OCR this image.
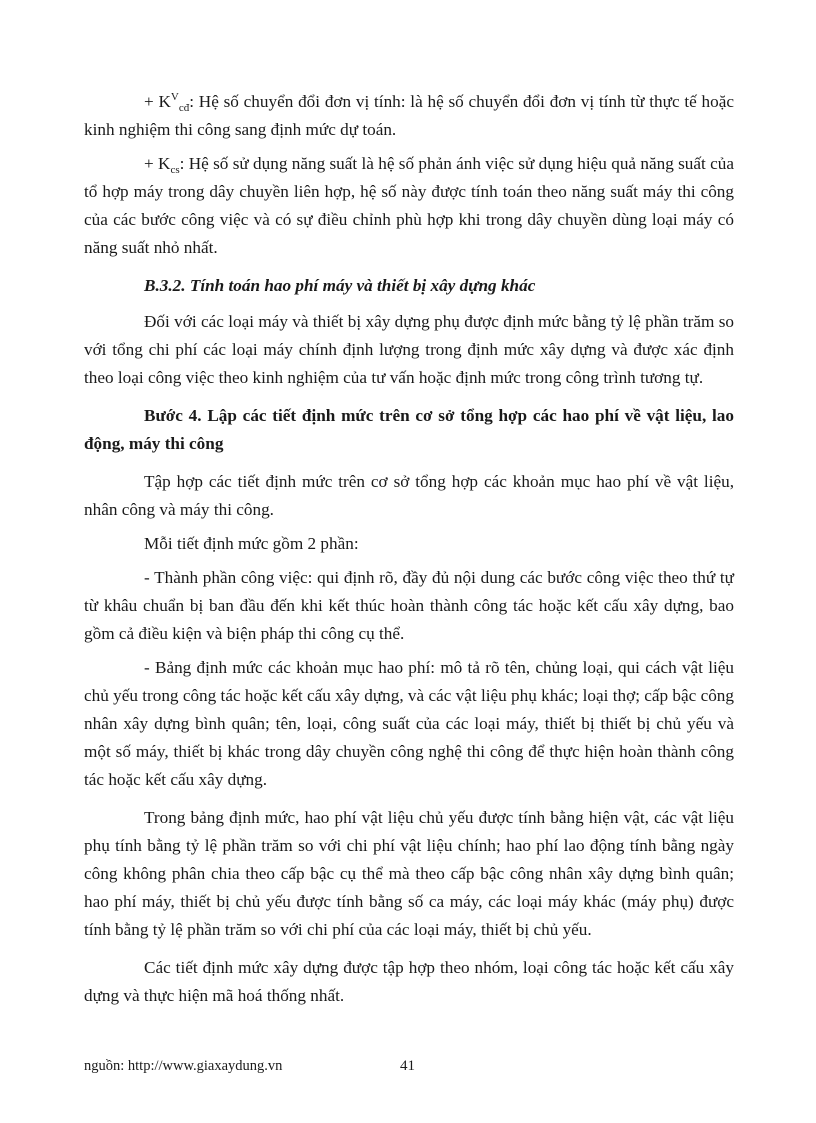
+ $K^V_{cđ}$: Hệ số chuyển đổi đơn vị tính: là hệ số chuyển đổi đơn vị tính từ thực tế hoặc kinh nghiệm thi công sang định mức dự toán.

+ $K_{cs}$: Hệ số sử dụng năng suất là hệ số phản ánh việc sử dụng hiệu quả năng suất của tổ hợp máy trong dây chuyền liên hợp, hệ số này được tính toán theo năng suất máy thi công của các bước công việc và có sự điều chỉnh phù hợp khi trong dây chuyền dùng loại máy có năng suất nhỏ nhất.

B.3.2. Tính toán hao phí máy và thiết bị xây dựng khác

Đối với các loại máy và thiết bị xây dựng phụ được định mức bằng tỷ lệ phần trăm so với tổng chi phí các loại máy chính định lượng trong định mức xây dựng và được xác định theo loại công việc theo kinh nghiệm của tư vấn hoặc định mức trong công trình tương tự.

Bước 4. Lập các tiết định mức trên cơ sở tổng hợp các hao phí về vật liệu, lao động, máy thi công

Tập hợp các tiết định mức trên cơ sở tổng hợp các khoản mục hao phí về vật liệu, nhân công và máy thi công.

Mỗi tiết định mức gồm 2 phần:

- Thành phần công việc: qui định rõ, đầy đủ nội dung các bước công việc theo thứ tự từ khâu chuẩn bị ban đầu đến khi kết thúc hoàn thành công tác hoặc kết cấu xây dựng, bao gồm cả điều kiện và biện pháp thi công cụ thể.

- Bảng định mức các khoản mục hao phí: mô tả rõ tên, chủng loại, qui cách vật liệu chủ yếu trong công tác hoặc kết cấu xây dựng, và các vật liệu phụ khác; loại thợ; cấp bậc công nhân xây dựng bình quân; tên, loại, công suất của các loại máy, thiết bị thiết bị chủ yếu và một số máy, thiết bị khác trong dây chuyền công nghệ thi công để thực hiện hoàn thành công tác hoặc kết cấu xây dựng.

Trong bảng định mức, hao phí vật liệu chủ yếu được tính bằng hiện vật, các vật liệu phụ tính bằng tỷ lệ phần trăm so với chi phí vật liệu chính; hao phí lao động tính bằng ngày công không phân chia theo cấp bậc cụ thể mà theo cấp bậc công nhân xây dựng bình quân; hao phí máy, thiết bị chủ yếu được tính bằng số ca máy, các loại máy khác (máy phụ) được tính bằng tỷ lệ phần trăm so với chi phí của các loại máy, thiết bị chủ yếu.

Các tiết định mức xây dựng được tập hợp theo nhóm, loại công tác hoặc kết cấu xây dựng và thực hiện mã hoá thống nhất.

nguồn: http://www.giaxaydung.vn	41
